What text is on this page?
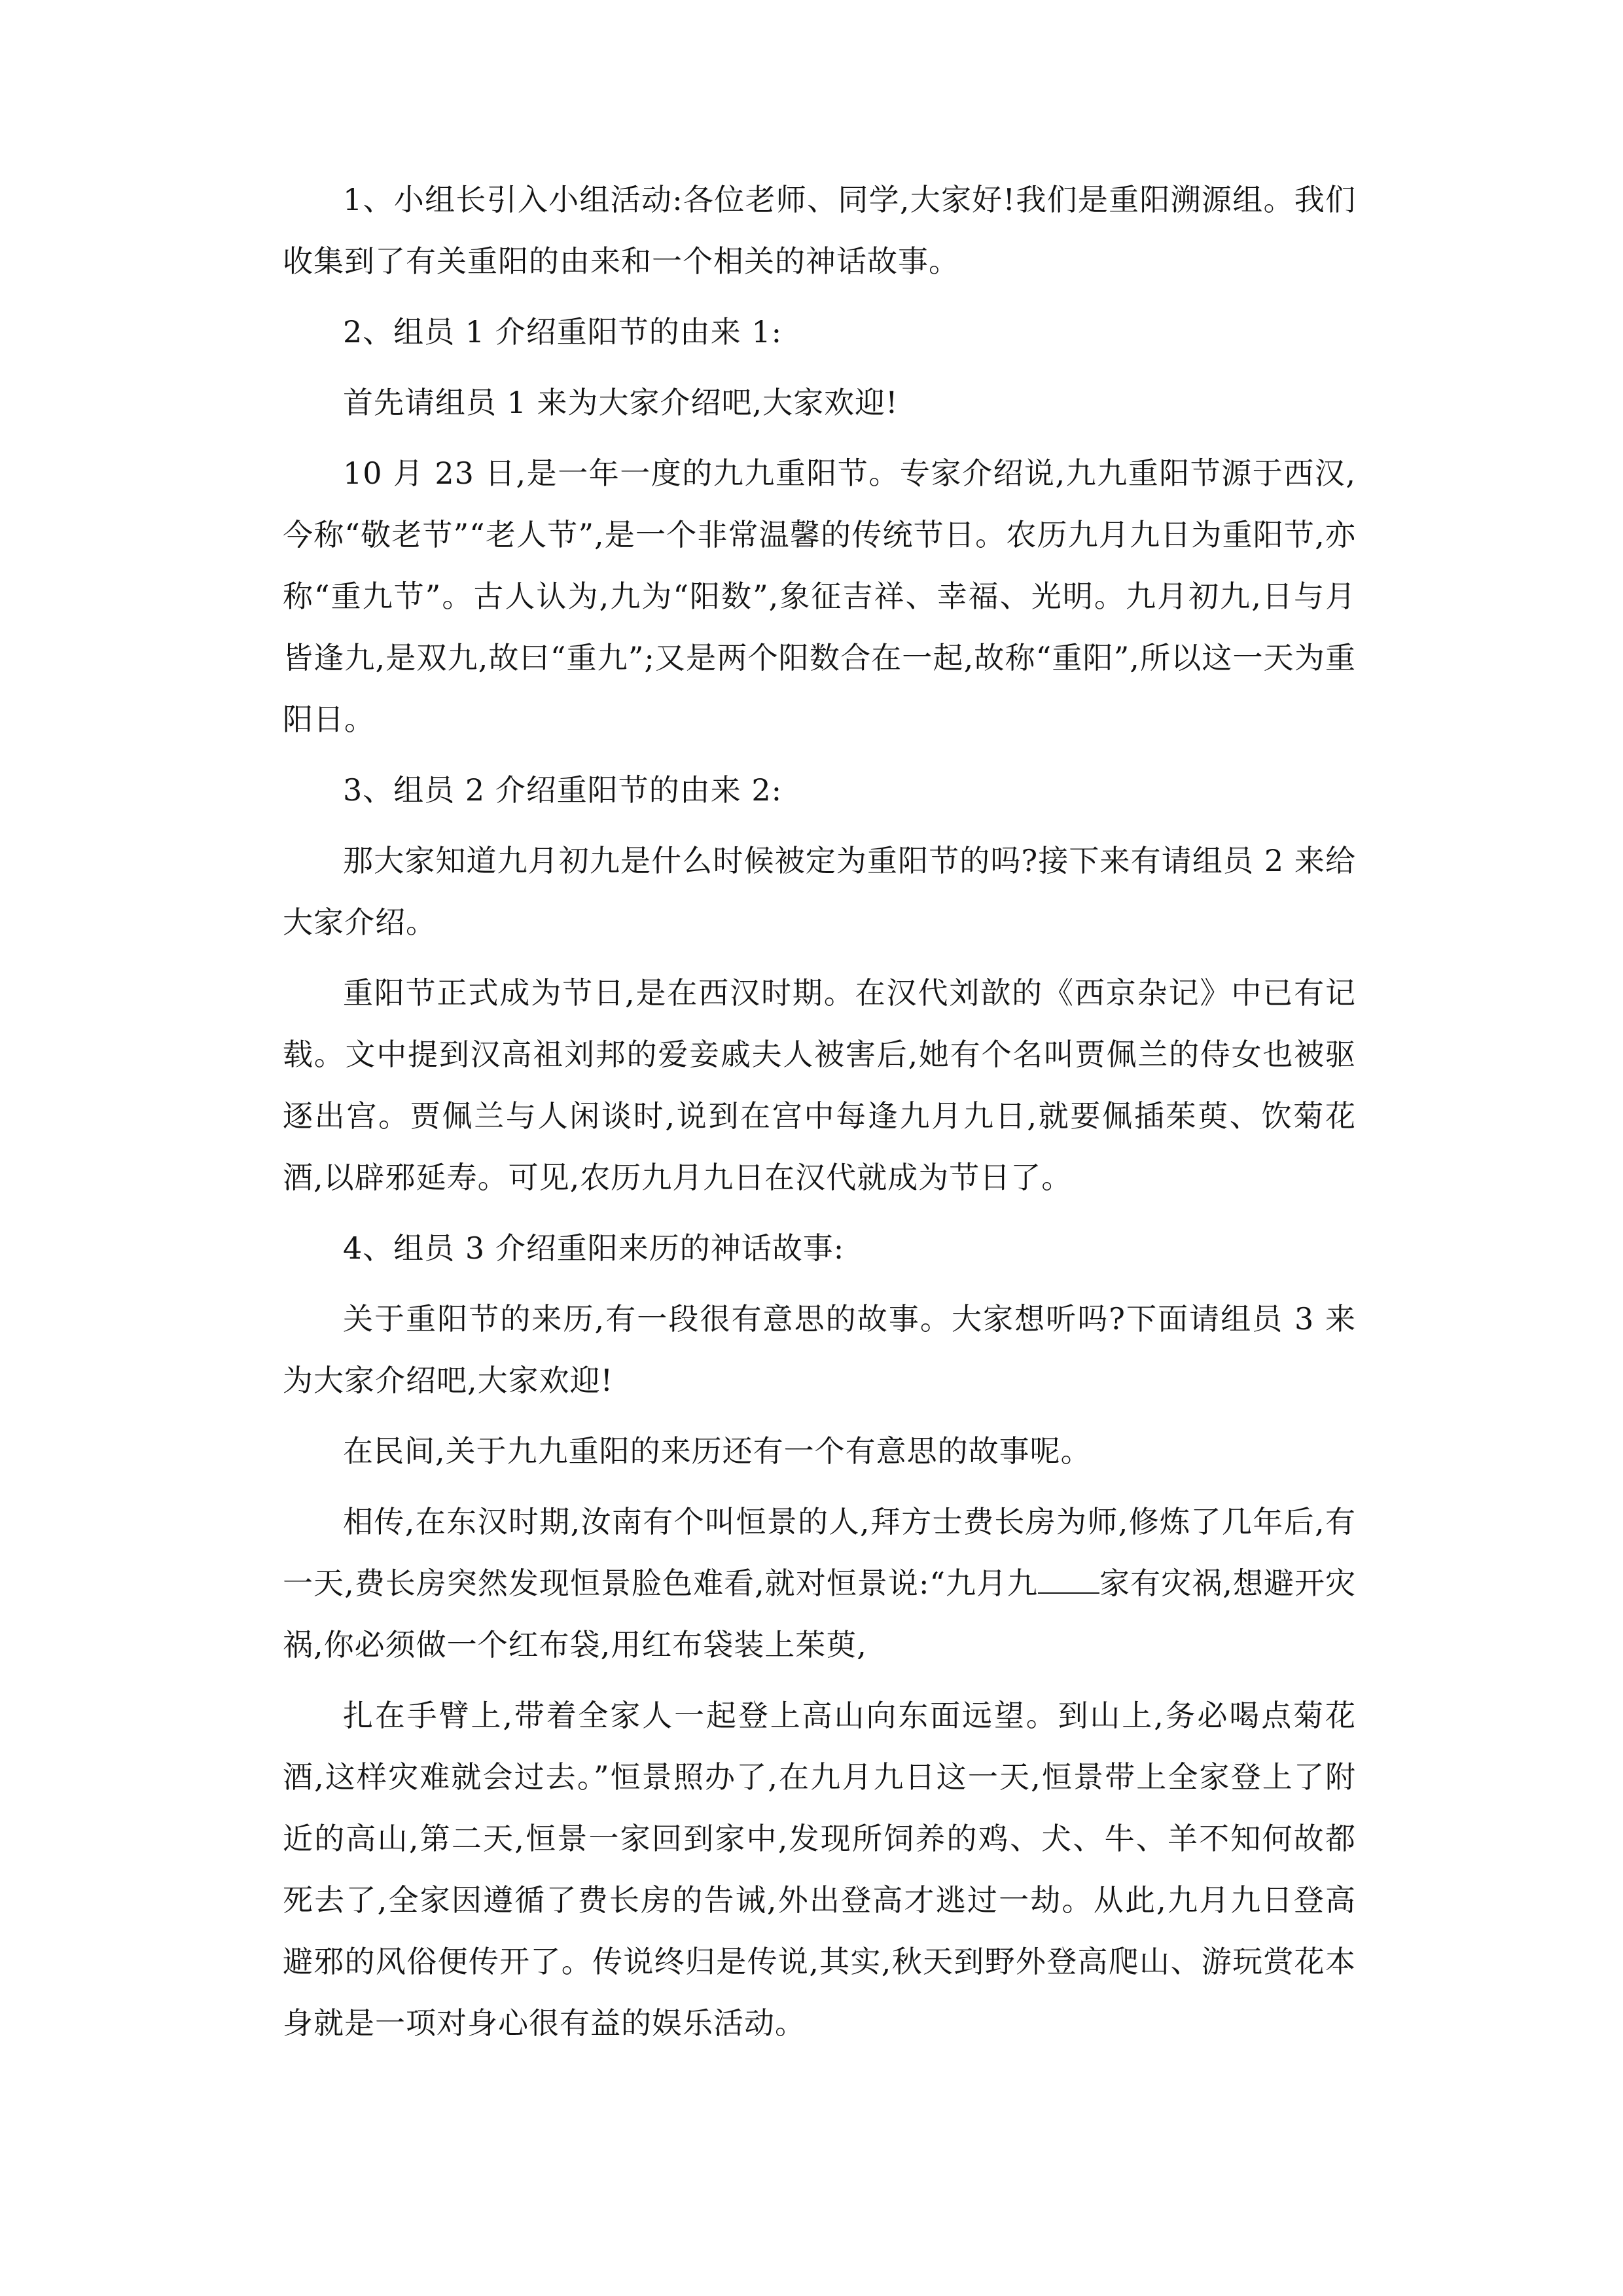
1、小组长引入小组活动:各位老师、同学,大家好!我们是重阳溯源组。我们收集到了有关重阳的由来和一个相关的神话故事。

2、组员 1 介绍重阳节的由来 1:

首先请组员 1 来为大家介绍吧,大家欢迎!

10 月 23 日,是一年一度的九九重阳节。专家介绍说,九九重阳节源于西汉,今称“敬老节”“老人节”,是一个非常温馨的传统节日。农历九月九日为重阳节,亦称“重九节”。古人认为,九为“阳数”,象征吉祥、幸福、光明。九月初九,日与月皆逢九,是双九,故曰“重九”;又是两个阳数合在一起,故称“重阳”,所以这一天为重阳日。

3、组员 2 介绍重阳节的由来 2:

那大家知道九月初九是什么时候被定为重阳节的吗?接下来有请组员 2 来给大家介绍。

重阳节正式成为节日,是在西汉时期。在汉代刘歆的《西京杂记》中已有记载。文中提到汉高祖刘邦的爱妾戚夫人被害后,她有个名叫贾佩兰的侍女也被驱逐出宫。贾佩兰与人闲谈时,说到在宫中每逢九月九日,就要佩插茱萸、饮菊花酒,以辟邪延寿。可见,农历九月九日在汉代就成为节日了。

4、组员 3 介绍重阳来历的神话故事:

关于重阳节的来历,有一段很有意思的故事。大家想听吗?下面请组员 3 来为大家介绍吧,大家欢迎!

在民间,关于九九重阳的来历还有一个有意思的故事呢。

相传,在东汉时期,汝南有个叫恒景的人,拜方士费长房为师,修炼了几年后,有一天,费长房突然发现恒景脸色难看,就对恒景说:“九月九 家有灾祸,想避开灾祸,你必须做一个红布袋,用红布袋装上茱萸,

扎在手臂上,带着全家人一起登上高山向东面远望。到山上,务必喝点菊花酒,这样灾难就会过去。”恒景照办了,在九月九日这一天,恒景带上全家登上了附近的高山,第二天,恒景一家回到家中,发现所饲养的鸡、犬、牛、羊不知何故都死去了,全家因遵循了费长房的告诫,外出登高才逃过一劫。从此,九月九日登高避邪的风俗便传开了。传说终归是传说,其实,秋天到野外登高爬山、游玩赏花本身就是一项对身心很有益的娱乐活动。
